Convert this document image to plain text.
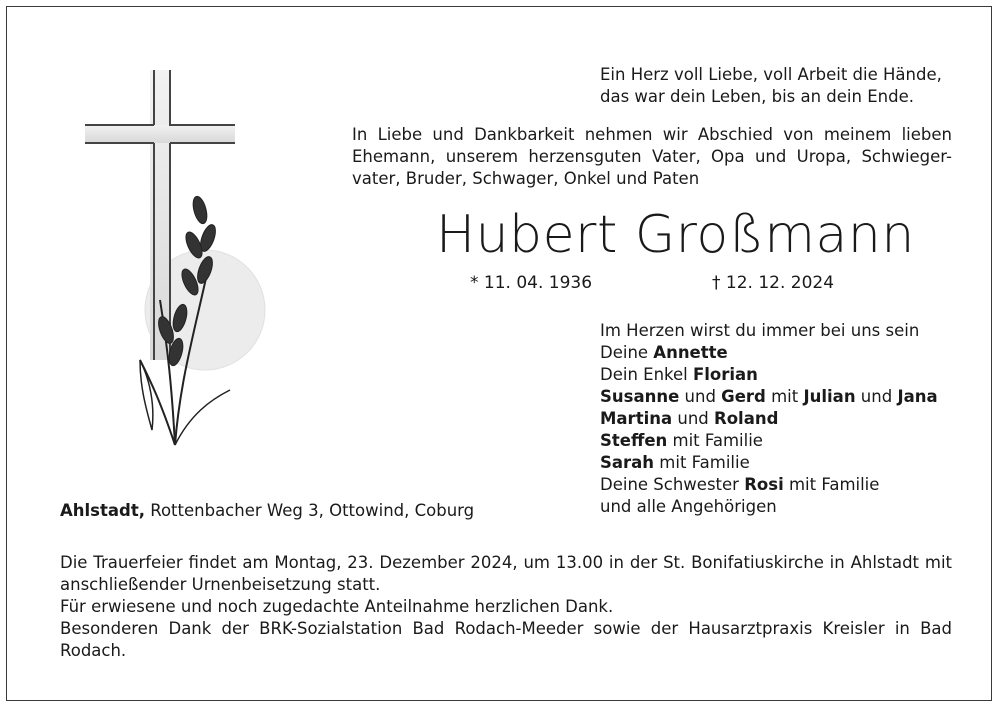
Ein Herz voll Liebe, voll Arbeit die Hände,
das war dein Leben, bis an dein Ende.

In Liebe und Dankbarkeit nehmen wir Abschied von meinem lieben Ehemann, unserem herzensguten Vater, Opa und Uropa, Schwieger-vater, Bruder, Schwager, Onkel und Paten

Hubert Großmann
* 11. 04. 1936	† 12. 12. 2024
Im Herzen wirst du immer bei uns sein
Deine Annette
Dein Enkel Florian
Susanne und Gerd mit Julian und Jana
Martina und Roland
Steffen mit Familie
Sarah mit Familie
Deine Schwester Rosi mit Familie
und alle Angehörigen
Ahlstadt, Rottenbacher Weg 3, Ottowind, Coburg

Die Trauerfeier findet am Montag, 23. Dezember 2024, um 13.00 in der St. Bonifatiuskirche in Ahlstadt mit anschließender Urnenbeisetzung statt.

Für erwiesene und noch zugedachte Anteilnahme herzlichen Dank.

Besonderen Dank der BRK-Sozialstation Bad Rodach-Meeder sowie der Hausarztpraxis Kreisler in Bad Rodach.
